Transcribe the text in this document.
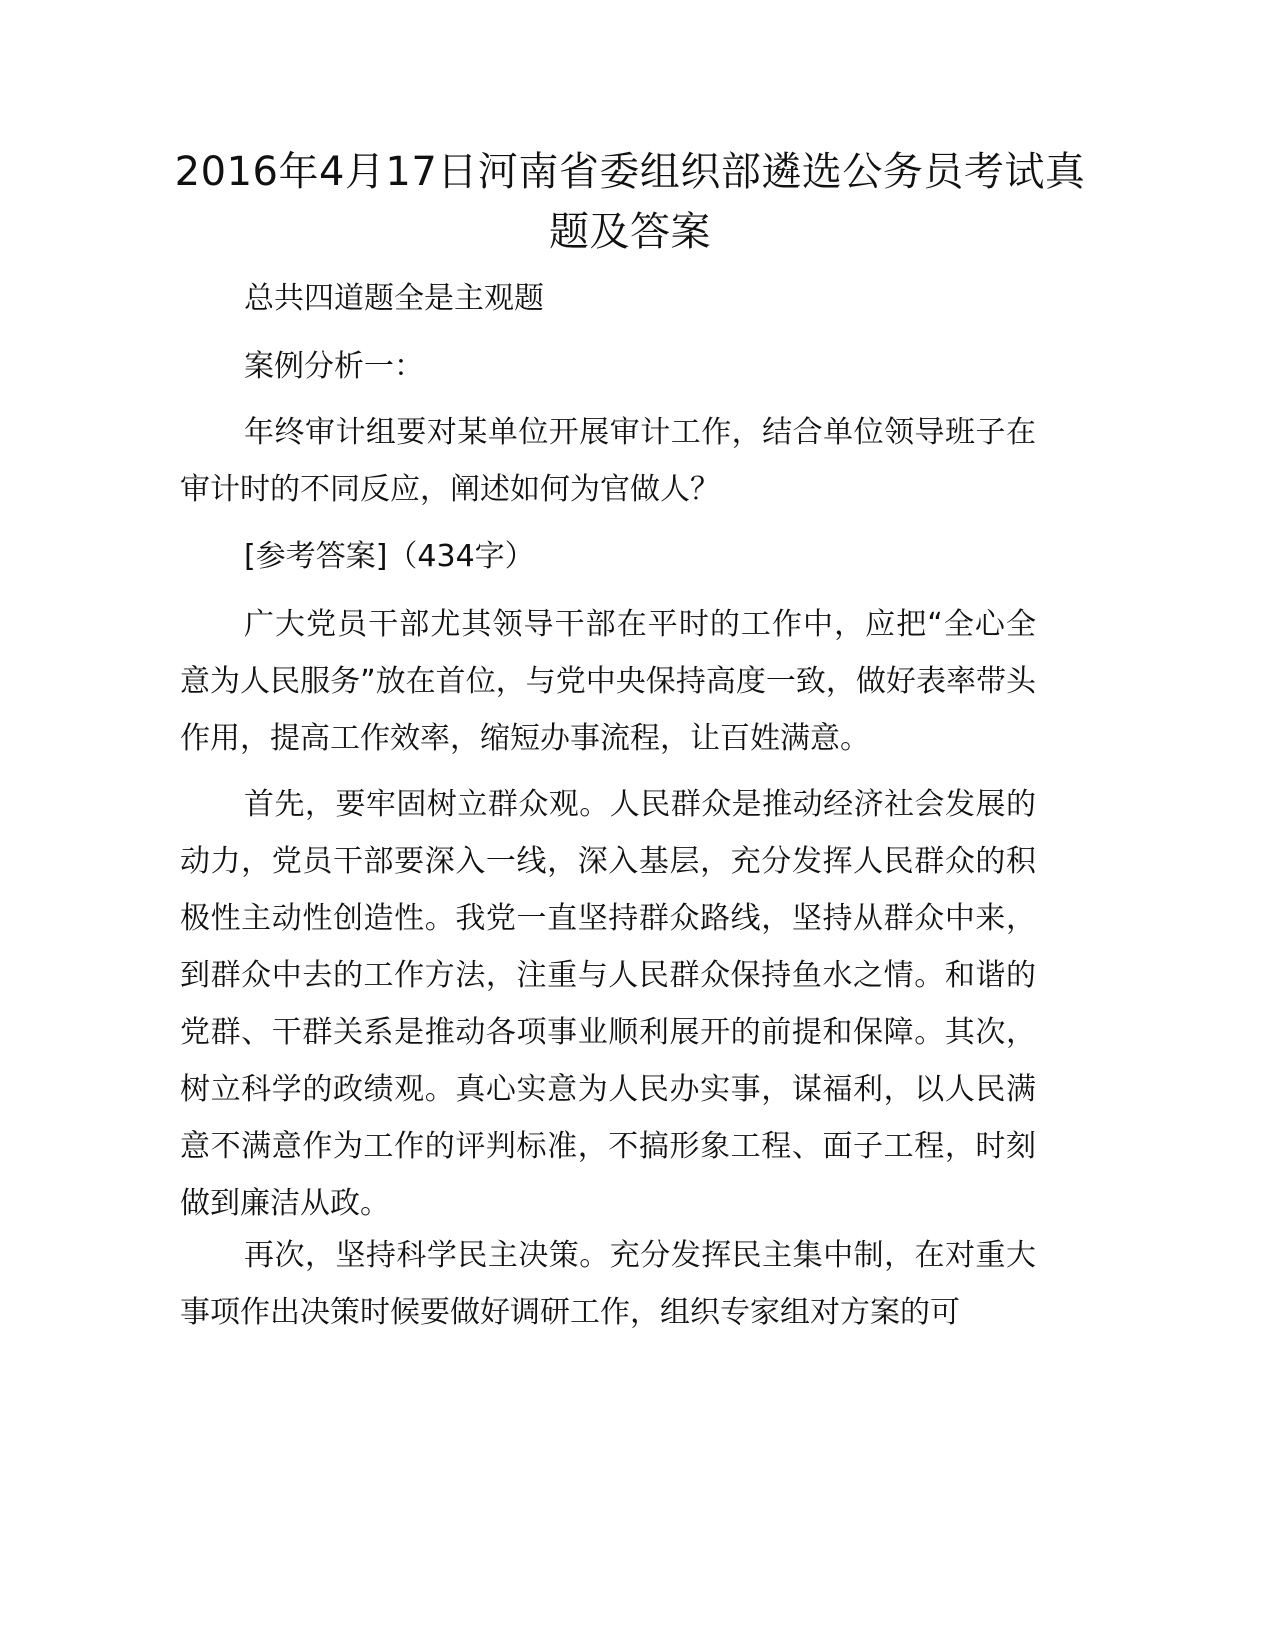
2016年4月17日河南省委组织部遴选公务员考试真题及答案

总共四道题全是主观题

案例分析一：

年终审计组要对某单位开展审计工作，结合单位领导班子在审计时的不同反应，阐述如何为官做人？

[参考答案]（434字）

广大党员干部尤其领导干部在平时的工作中，应把“全心全意为人民服务”放在首位，与党中央保持高度一致，做好表率带头作用，提高工作效率，缩短办事流程，让百姓满意。

首先，要牢固树立群众观。人民群众是推动经济社会发展的动力，党员干部要深入一线，深入基层，充分发挥人民群众的积极性主动性创造性。我党一直坚持群众路线，坚持从群众中来，到群众中去的工作方法，注重与人民群众保持鱼水之情。和谐的党群、干群关系是推动各项事业顺利展开的前提和保障。其次，树立科学的政绩观。真心实意为人民办实事，谋福利，以人民满意不满意作为工作的评判标准，不搞形象工程、面子工程，时刻做到廉洁从政。

再次，坚持科学民主决策。充分发挥民主集中制，在对重大事项作出决策时候要做好调研工作，组织专家组对方案的可
